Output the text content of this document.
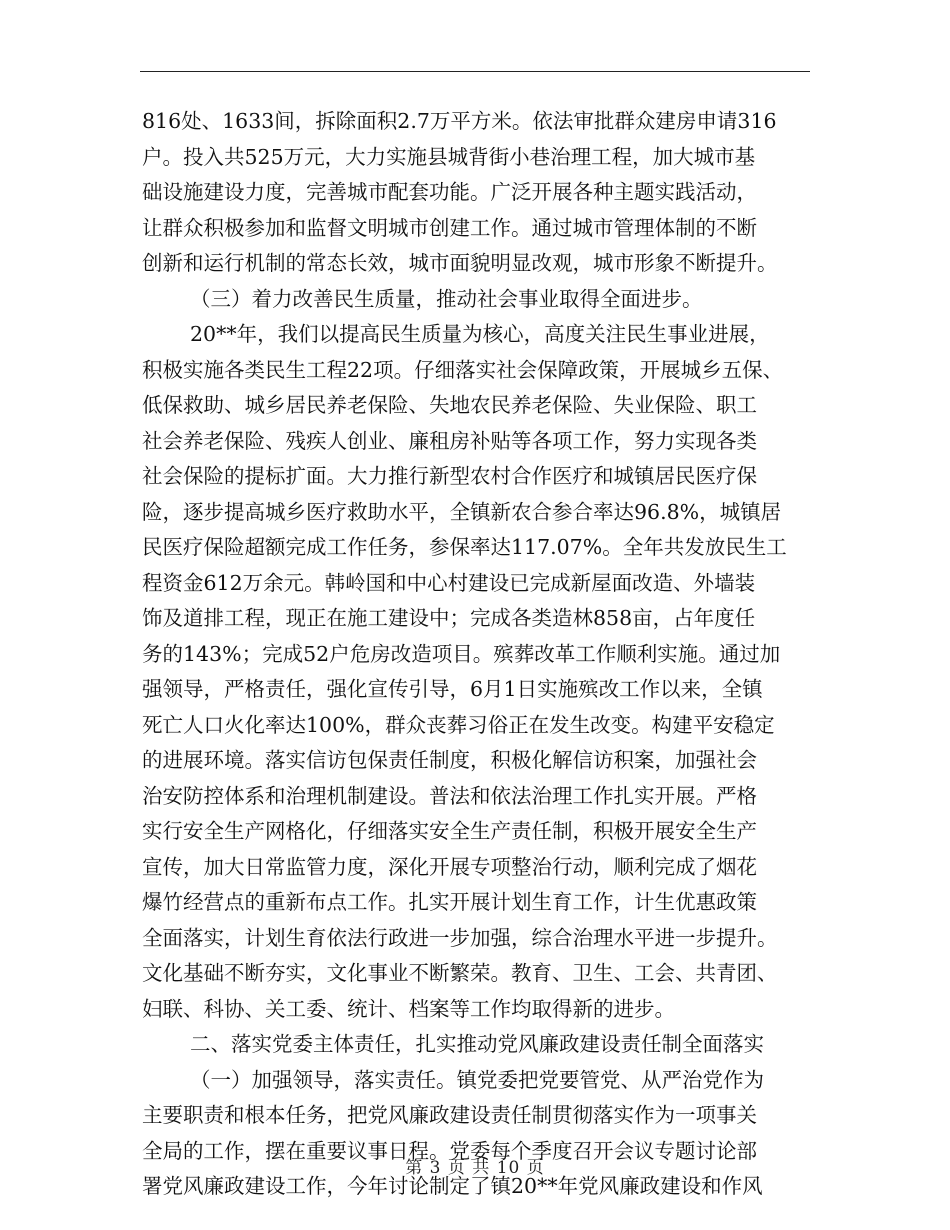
816处、1633间，拆除面积2.7万平方米。依法审批群众建房申请316
户。投入共525万元，大力实施县城背街小巷治理工程，加大城市基
础设施建设力度，完善城市配套功能。广泛开展各种主题实践活动，
让群众积极参加和监督文明城市创建工作。通过城市管理体制的不断
创新和运行机制的常态长效，城市面貌明显改观，城市形象不断提升。
（三）着力改善民生质量，推动社会事业取得全面进步。
20**年，我们以提高民生质量为核心，高度关注民生事业进展，
积极实施各类民生工程22项。仔细落实社会保障政策，开展城乡五保、
低保救助、城乡居民养老保险、失地农民养老保险、失业保险、职工
社会养老保险、残疾人创业、廉租房补贴等各项工作，努力实现各类
社会保险的提标扩面。大力推行新型农村合作医疗和城镇居民医疗保
险，逐步提高城乡医疗救助水平，全镇新农合参合率达96.8%，城镇居
民医疗保险超额完成工作任务，参保率达117.07%。全年共发放民生工
程资金612万余元。韩岭国和中心村建设已完成新屋面改造、外墙装
饰及道排工程，现正在施工建设中；完成各类造林858亩，占年度任
务的143%；完成52户危房改造项目。殡葬改革工作顺利实施。通过加
强领导，严格责任，强化宣传引导，6月1日实施殡改工作以来，全镇
死亡人口火化率达100%，群众丧葬习俗正在发生改变。构建平安稳定
的进展环境。落实信访包保责任制度，积极化解信访积案，加强社会
治安防控体系和治理机制建设。普法和依法治理工作扎实开展。严格
实行安全生产网格化，仔细落实安全生产责任制，积极开展安全生产
宣传，加大日常监管力度，深化开展专项整治行动，顺利完成了烟花
爆竹经营点的重新布点工作。扎实开展计划生育工作，计生优惠政策
全面落实，计划生育依法行政进一步加强，综合治理水平进一步提升。
文化基础不断夯实，文化事业不断繁荣。教育、卫生、工会、共青团、
妇联、科协、关工委、统计、档案等工作均取得新的进步。
二、落实党委主体责任，扎实推动党风廉政建设责任制全面落实
（一）加强领导，落实责任。镇党委把党要管党、从严治党作为
主要职责和根本任务，把党风廉政建设责任制贯彻落实作为一项事关
全局的工作，摆在重要议事日程。党委每个季度召开会议专题讨论部
署党风廉政建设工作，今年讨论制定了镇20**年党风廉政建设和作风
第 3 页 共 10 页
